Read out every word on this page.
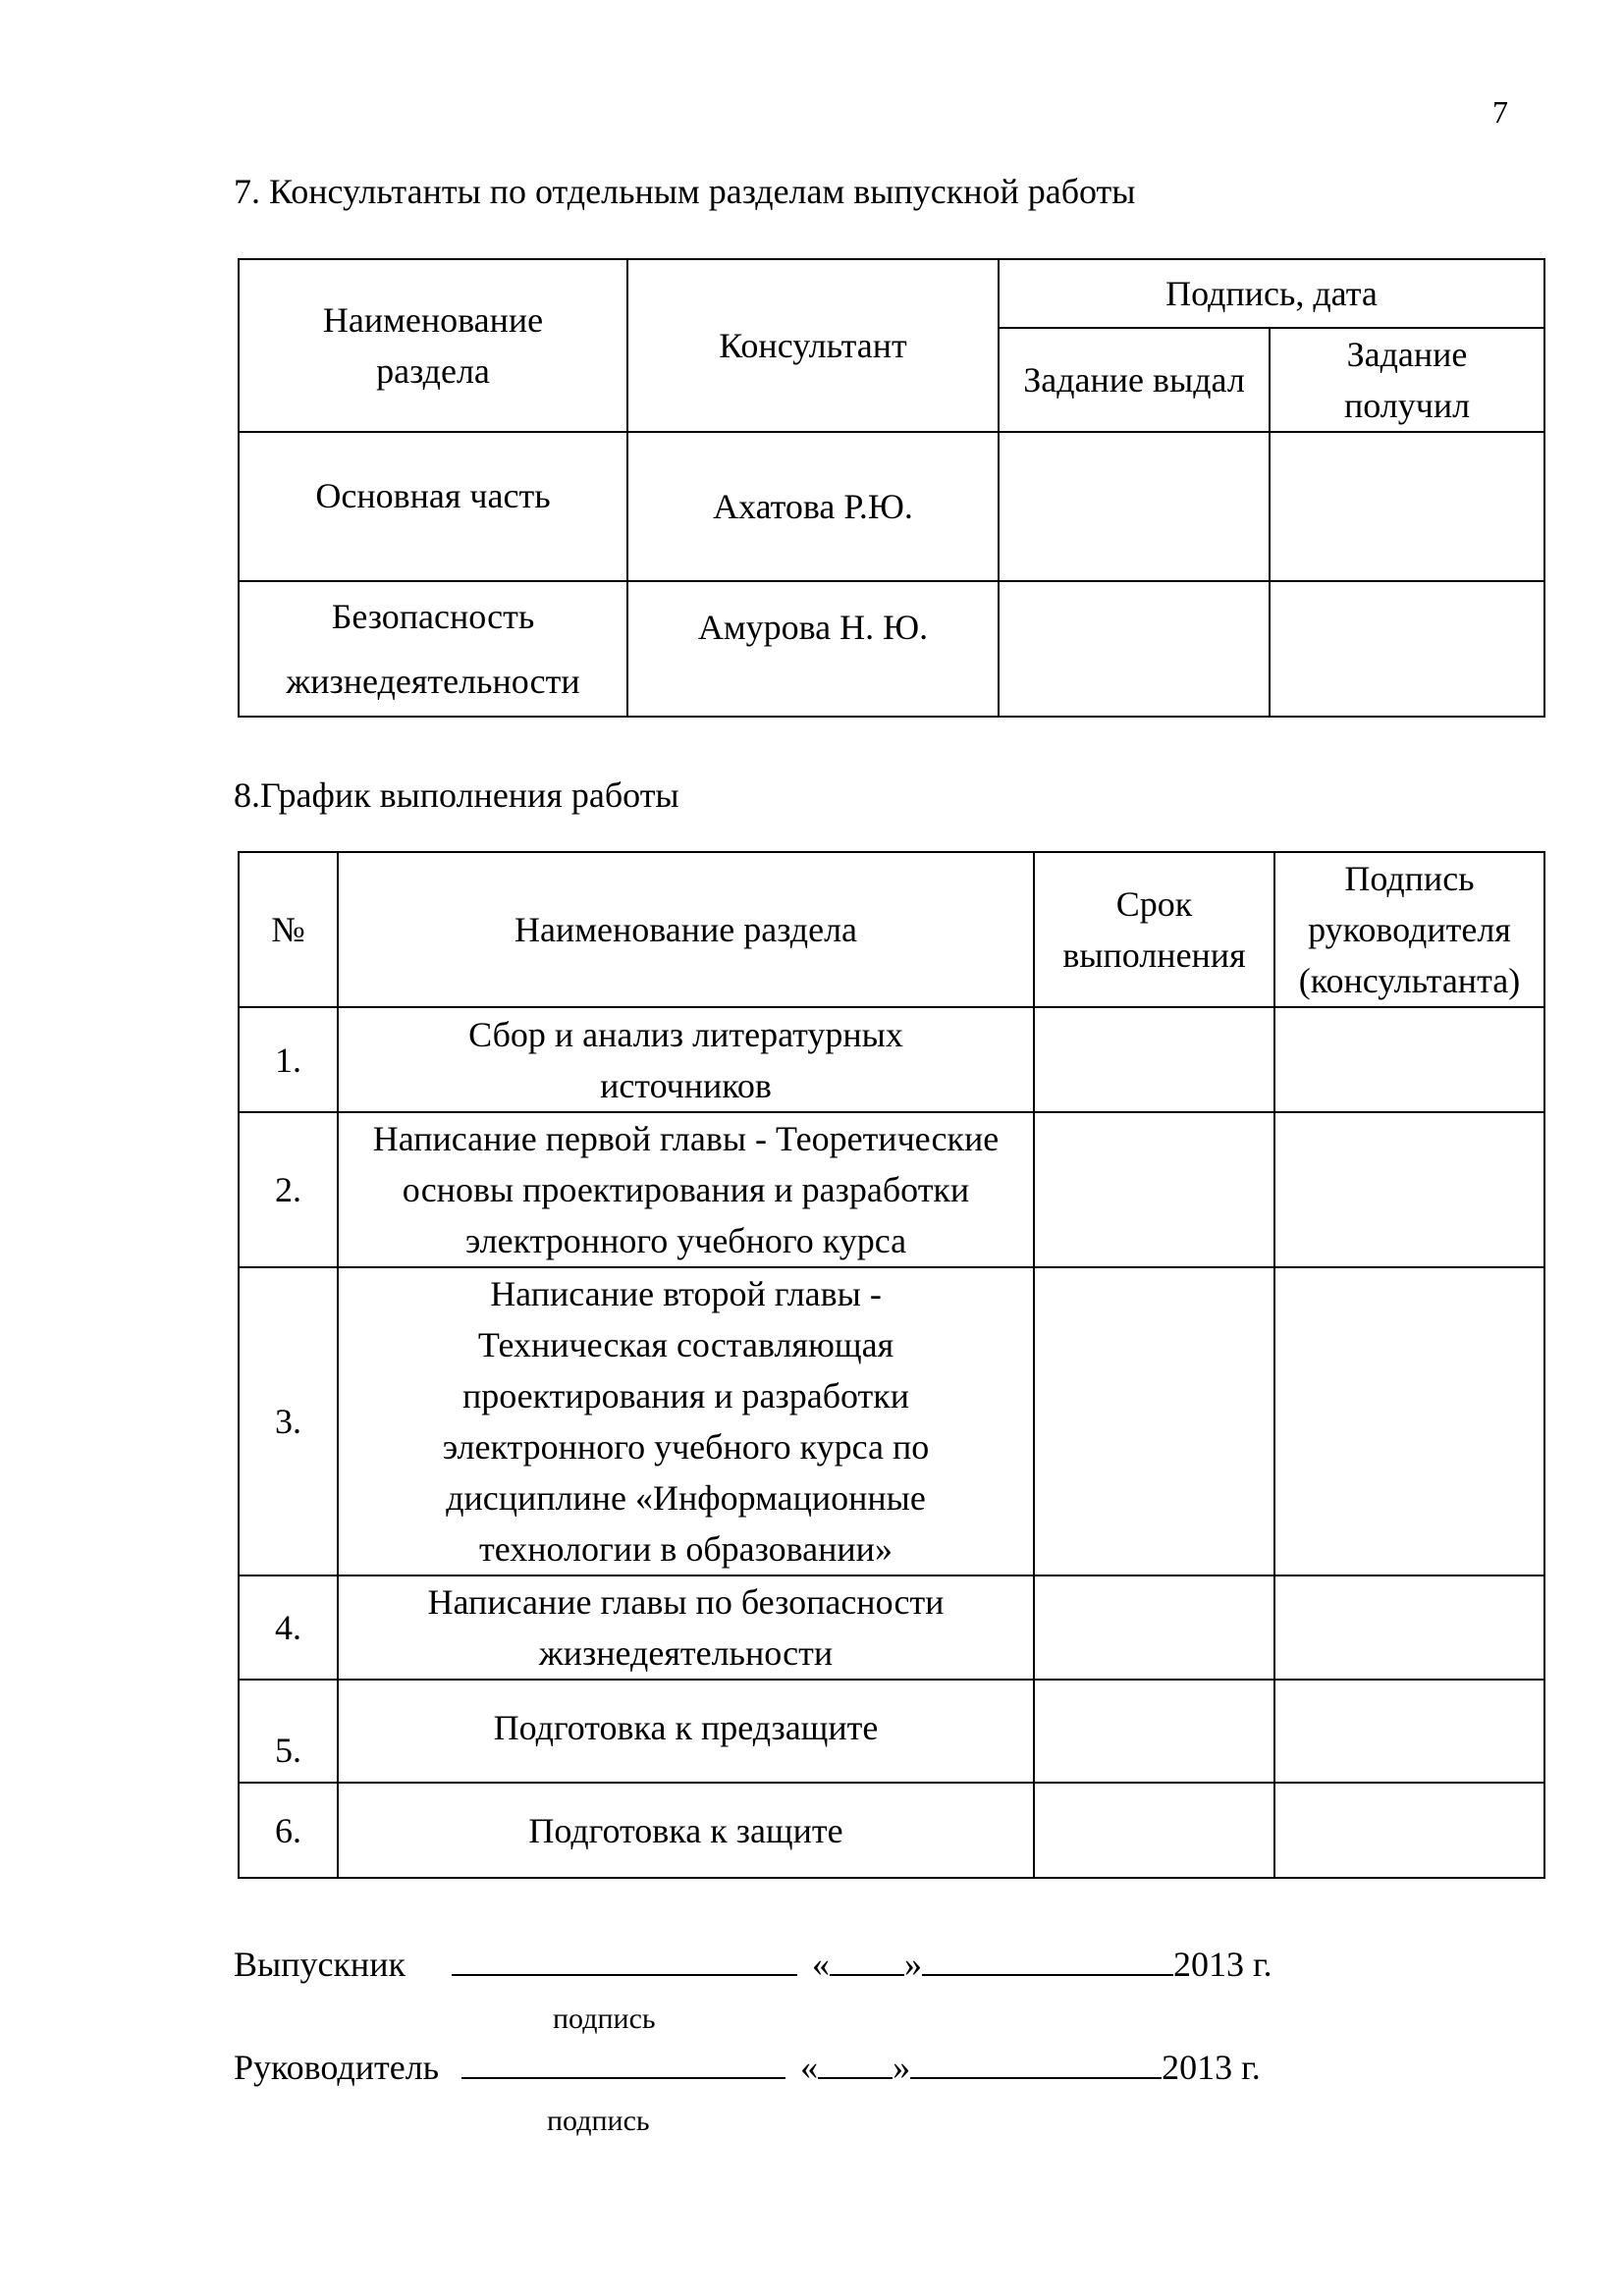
7
7. Консультанты по отдельным разделам выпускной работы
Наименование раздела	Консультант	Подпись, дата	
		Задание выдал	Задание получил
Основная часть	Ахатова Р.Ю.		
Безопасность жизнедеятельности	Амурова Н. Ю.		
8.График выполнения работы
№	Наименование раздела	Срок выполнения	Подпись руководителя (консультанта)
1.	Сбор и анализ литературных источников		
2.	Написание первой главы - Теоретические основы проектирования и разработки электронного учебного курса		
3.	Написание второй главы - Техническая составляющая проектирования и разработки электронного учебного курса по дисциплине «Информационные технологии в образовании»		
4.	Написание главы по безопасности жизнедеятельности		
5.	Подготовка к предзащите		
6.	Подготовка к защите		
Выпускник	« »	2013 г.
подпись
Руководитель	« »	2013 г.
подпись
